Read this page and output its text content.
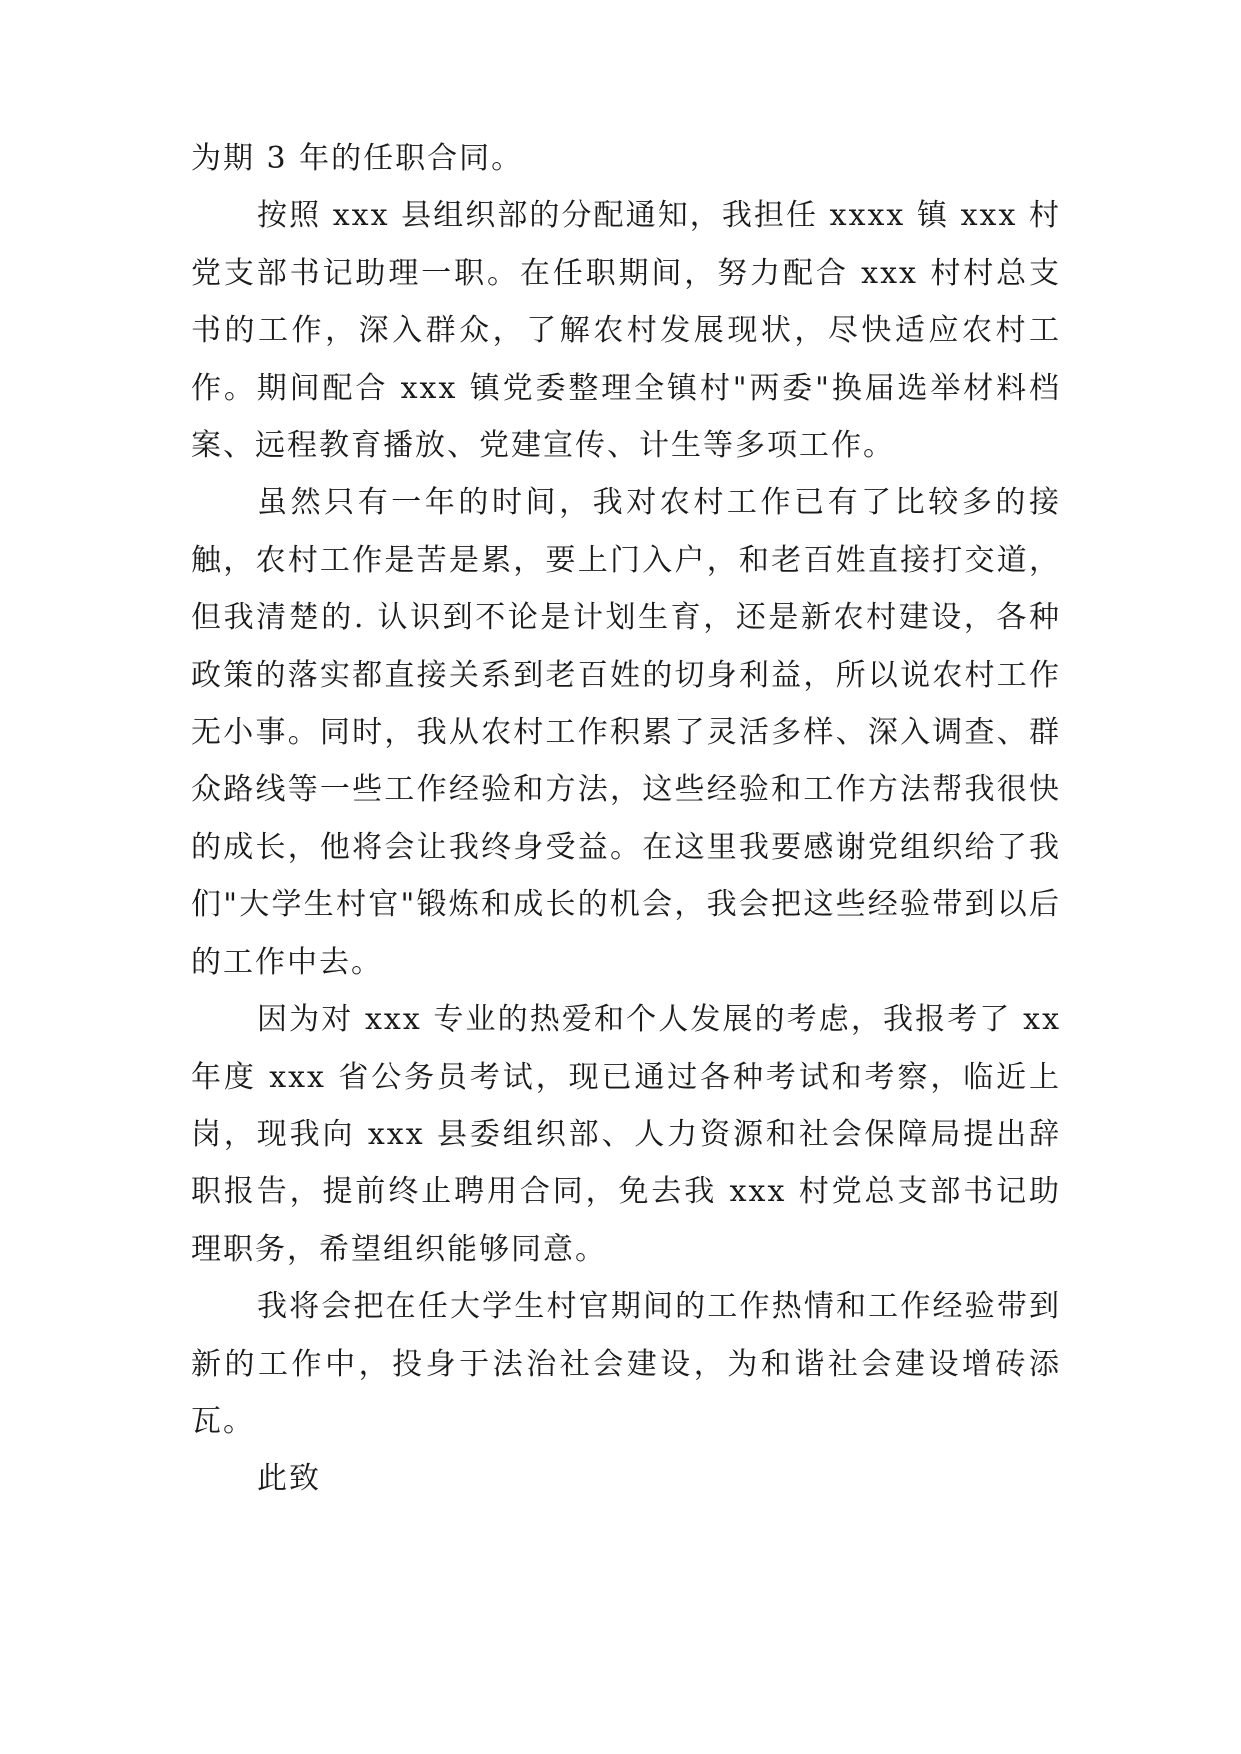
为期 3 年的任职合同。

按照 xxx 县组织部的分配通知，我担任 xxxx 镇 xxx 村党支部书记助理一职。在任职期间，努力配合 xxx 村村总支书的工作，深入群众，了解农村发展现状，尽快适应农村工作。期间配合 xxx 镇党委整理全镇村"两委"换届选举材料档案、远程教育播放、党建宣传、计生等多项工作。

虽然只有一年的时间，我对农村工作已有了比较多的接触，农村工作是苦是累，要上门入户，和老百姓直接打交道，但我清楚的. 认识到不论是计划生育，还是新农村建设，各种政策的落实都直接关系到老百姓的切身利益，所以说农村工作无小事。同时，我从农村工作积累了灵活多样、深入调查、群众路线等一些工作经验和方法，这些经验和工作方法帮我很快的成长，他将会让我终身受益。在这里我要感谢党组织给了我们"大学生村官"锻炼和成长的机会，我会把这些经验带到以后的工作中去。

因为对 xxx 专业的热爱和个人发展的考虑，我报考了 xx 年度 xxx 省公务员考试，现已通过各种考试和考察，临近上岗，现我向 xxx 县委组织部、人力资源和社会保障局提出辞职报告，提前终止聘用合同，免去我 xxx 村党总支部书记助理职务，希望组织能够同意。

我将会把在任大学生村官期间的工作热情和工作经验带到新的工作中，投身于法治社会建设，为和谐社会建设增砖添瓦。

此致
